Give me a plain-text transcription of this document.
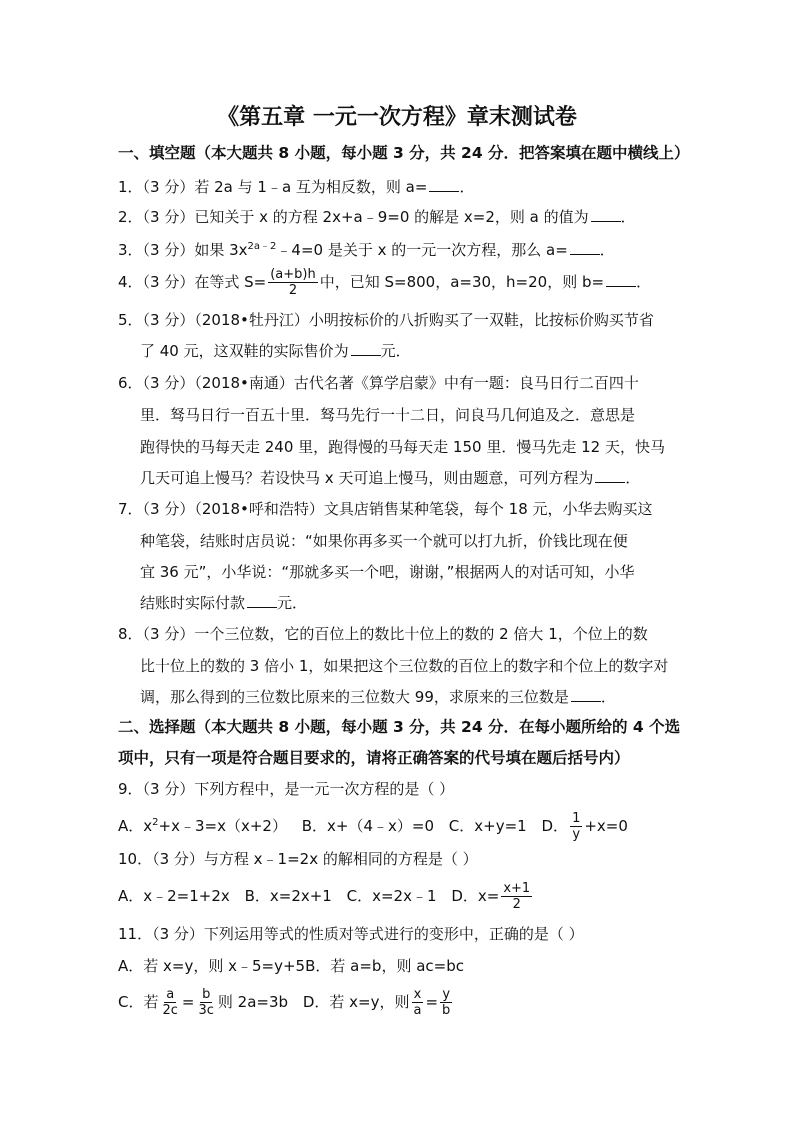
《第五章 一元一次方程》章末测试卷
一、填空题（本大题共 8 小题，每小题 3 分，共 24 分．把答案填在题中横线上）
1．（3 分）若 2a 与 1﹣a 互为相反数，则 a= ．
2．（3 分）已知关于 x 的方程 2x+a﹣9=0 的解是 x=2，则 a 的值为 ．
3．（3 分）如果 $3x^{2a﹣2}﹣4=0$ 是关于 x 的一元一次方程，那么 a= ．
4．（3 分）在等式 $S= \frac{(a+b)h}{2}$ 中，已知 S=800，a=30，h=20，则 b= ．
5．（3 分）（2018•牡丹江）小明按标价的八折购买了一双鞋，比按标价购买节省
了 40 元，这双鞋的实际售价为 元．
6．（3 分）（2018•南通）古代名著《算学启蒙》中有一题：良马日行二百四十
里．驽马日行一百五十里．驽马先行一十二日，问良马几何追及之．意思是
跑得快的马每天走 240 里，跑得慢的马每天走 150 里．慢马先走 12 天，快马
几天可追上慢马？若设快马 x 天可追上慢马，则由题意，可列方程为 ．
7．（3 分）（2018•呼和浩特）文具店销售某种笔袋，每个 18 元，小华去购买这
种笔袋，结账时店员说：“如果你再多买一个就可以打九折，价钱比现在便
宜 36 元”，小华说：“那就多买一个吧，谢谢，”根据两人的对话可知，小华
结账时实际付款 元．
8．（3 分）一个三位数，它的百位上的数比十位上的数的 2 倍大 1，个位上的数
比十位上的数的 3 倍小 1，如果把这个三位数的百位上的数字和个位上的数字对
调，那么得到的三位数比原来的三位数大 99，求原来的三位数是 ．
二、选择题（本大题共 8 小题，每小题 3 分，共 24 分．在每小题所给的 4 个选
项中，只有一项是符合题目要求的，请将正确答案的代号填在题后括号内）
9．（3 分）下列方程中，是一元一次方程的是（ ）
A．$x^2+x﹣3=x(x+2)$ B．x+（4﹣x）=0 C．x+y=1 D． $\frac{1}{y} +x=0$
10．（3 分）与方程 x﹣1=2x 的解相同的方程是（ ）
A．x﹣2=1+2x B．x=2x+1 C．x=2x﹣1 D．$x= \frac{x+1}{2}$
11．（3 分）下列运用等式的性质对等式进行的变形中，正确的是（ ）
A．若 x=y，则 x﹣5=y+5B．若 a=b，则 ac=bc
C．若 $\frac{a}{2c} = \frac{b}{3c}$ 则 2a=3b D．若 x=y，则 $\frac{x}{a} = \frac{y}{b}$
